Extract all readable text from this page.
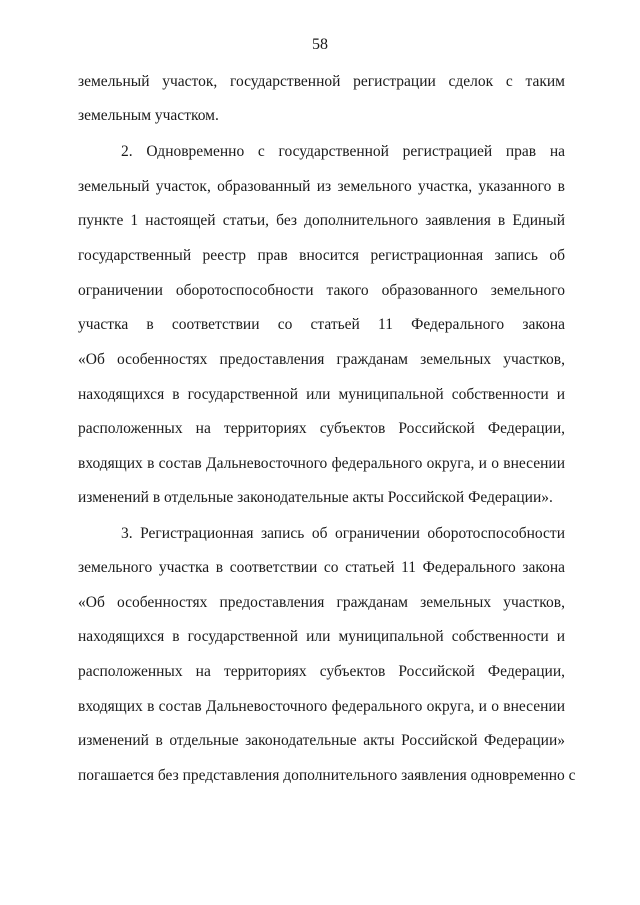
58
земельный участок, государственной регистрации сделок с таким
земельным участком.
2. Одновременно с государственной регистрацией прав на
земельный участок, образованный из земельного участка, указанного в
пункте 1 настоящей статьи, без дополнительного заявления в Единый
государственный реестр прав вносится регистрационная запись об
ограничении оборотоспособности такого образованного земельного
участка в соответствии со статьей 11 Федерального закона
«Об особенностях предоставления гражданам земельных участков,
находящихся в государственной или муниципальной собственности и
расположенных на территориях субъектов Российской Федерации,
входящих в состав Дальневосточного федерального округа, и о внесении
изменений в отдельные законодательные акты Российской Федерации».
3. Регистрационная запись об ограничении оборотоспособности
земельного участка в соответствии со статьей 11 Федерального закона
«Об особенностях предоставления гражданам земельных участков,
находящихся в государственной или муниципальной собственности и
расположенных на территориях субъектов Российской Федерации,
входящих в состав Дальневосточного федерального округа, и о внесении
изменений в отдельные законодательные акты Российской Федерации»
погашается без представления дополнительного заявления одновременно с
